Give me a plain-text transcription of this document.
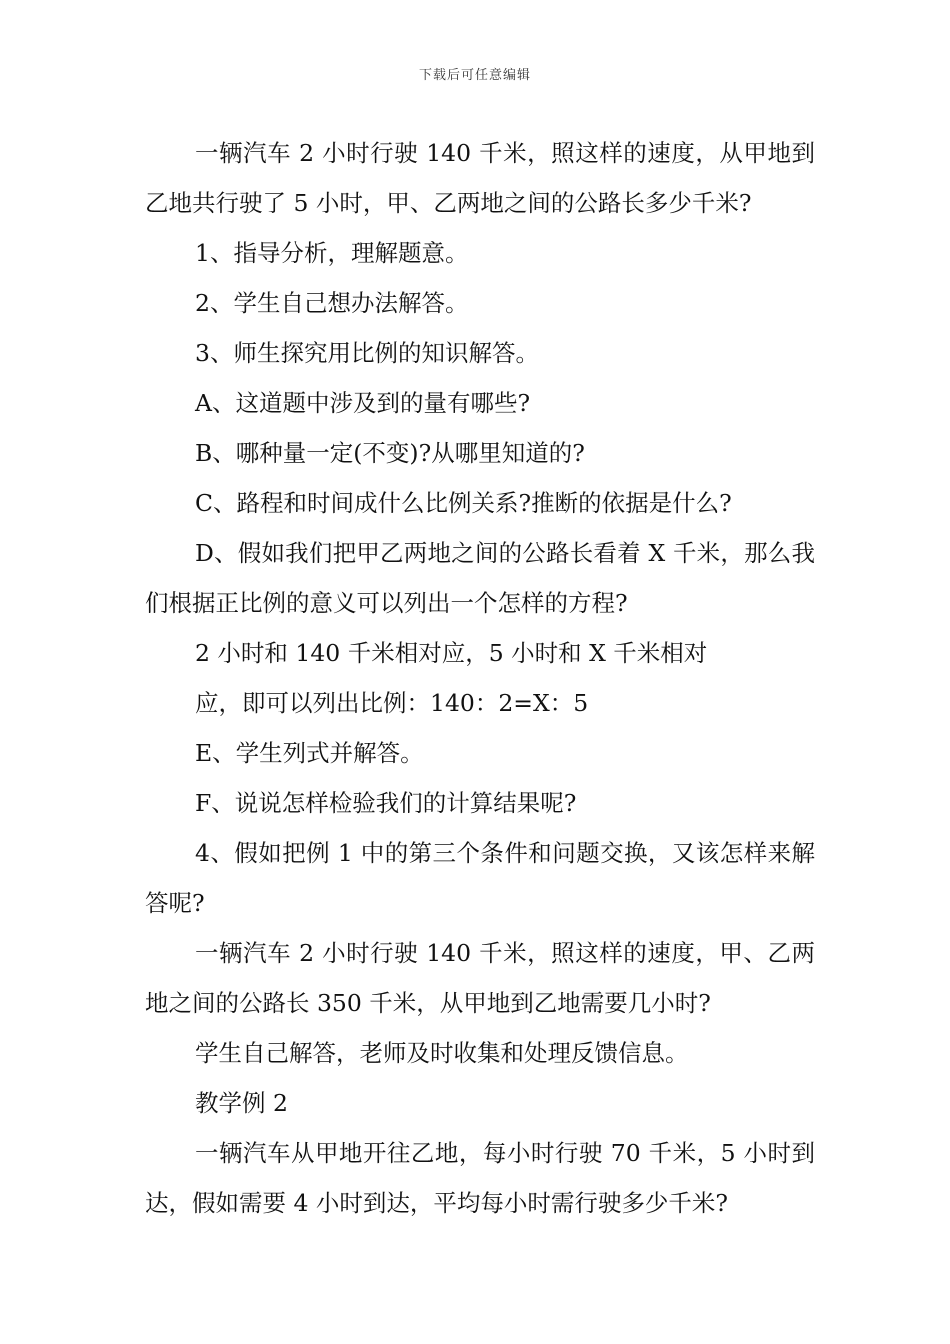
下载后可任意编辑

一辆汽车 2 小时行驶 140 千米，照这样的速度，从甲地到乙地共行驶了 5 小时，甲、乙两地之间的公路长多少千米?

1、指导分析，理解题意。

2、学生自己想办法解答。

3、师生探究用比例的知识解答。

A、这道题中涉及到的量有哪些?

B、哪种量一定(不变)?从哪里知道的?

C、路程和时间成什么比例关系?推断的依据是什么?

D、假如我们把甲乙两地之间的公路长看着 X 千米，那么我们根据正比例的意义可以列出一个怎样的方程?

2 小时和 140 千米相对应，5 小时和 X 千米相对

应，即可以列出比例：140：2=X：5

E、学生列式并解答。

F、说说怎样检验我们的计算结果呢?

4、假如把例 1 中的第三个条件和问题交换，又该怎样来解答呢?

一辆汽车 2 小时行驶 140 千米，照这样的速度，甲、乙两地之间的公路长 350 千米，从甲地到乙地需要几小时?

学生自己解答，老师及时收集和处理反馈信息。

教学例 2

一辆汽车从甲地开往乙地，每小时行驶 70 千米，5 小时到达，假如需要 4 小时到达，平均每小时需行驶多少千米?
